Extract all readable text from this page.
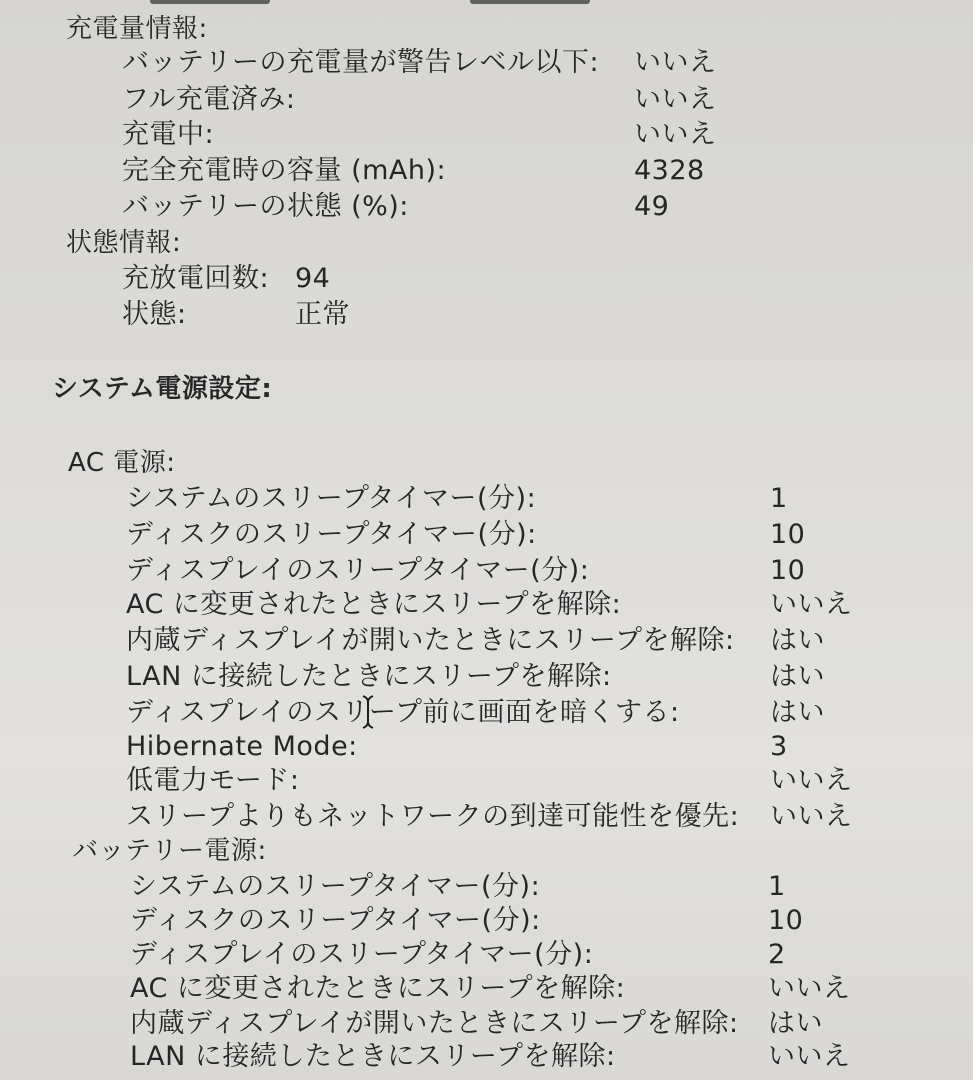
充電量情報:
バッテリーの充電量が警告レベル以下: いいえ
フル充電済み:	いいえ
充電中:	いいえ
完全充電時の容量 (mAh):	4328
バッテリーの状態 (%):	49
状態情報:
充放電回数: 94
状態:	正常
システム電源設定:
AC 電源:
システムのスリープタイマー(分):	1
ディスクのスリープタイマー(分):	10
ディスプレイのスリープタイマー(分):	10
AC に変更されたときにスリープを解除:	いいえ
内蔵ディスプレイが開いたときにスリープを解除: はい
LAN に接続したときにスリープを解除:	はい
ディスプレイのスリープ前に画面を暗くする:	はい
Hibernate Mode:	3
低電力モード:	いいえ
スリープよりもネットワークの到達可能性を優先: いいえ
バッテリー電源:
システムのスリープタイマー(分):	1
ディスクのスリープタイマー(分):	10
ディスプレイのスリープタイマー(分):	2
AC に変更されたときにスリープを解除:	いいえ
内蔵ディスプレイが開いたときにスリープを解除: はい
LAN に接続したときにスリープを解除:	いいえ
